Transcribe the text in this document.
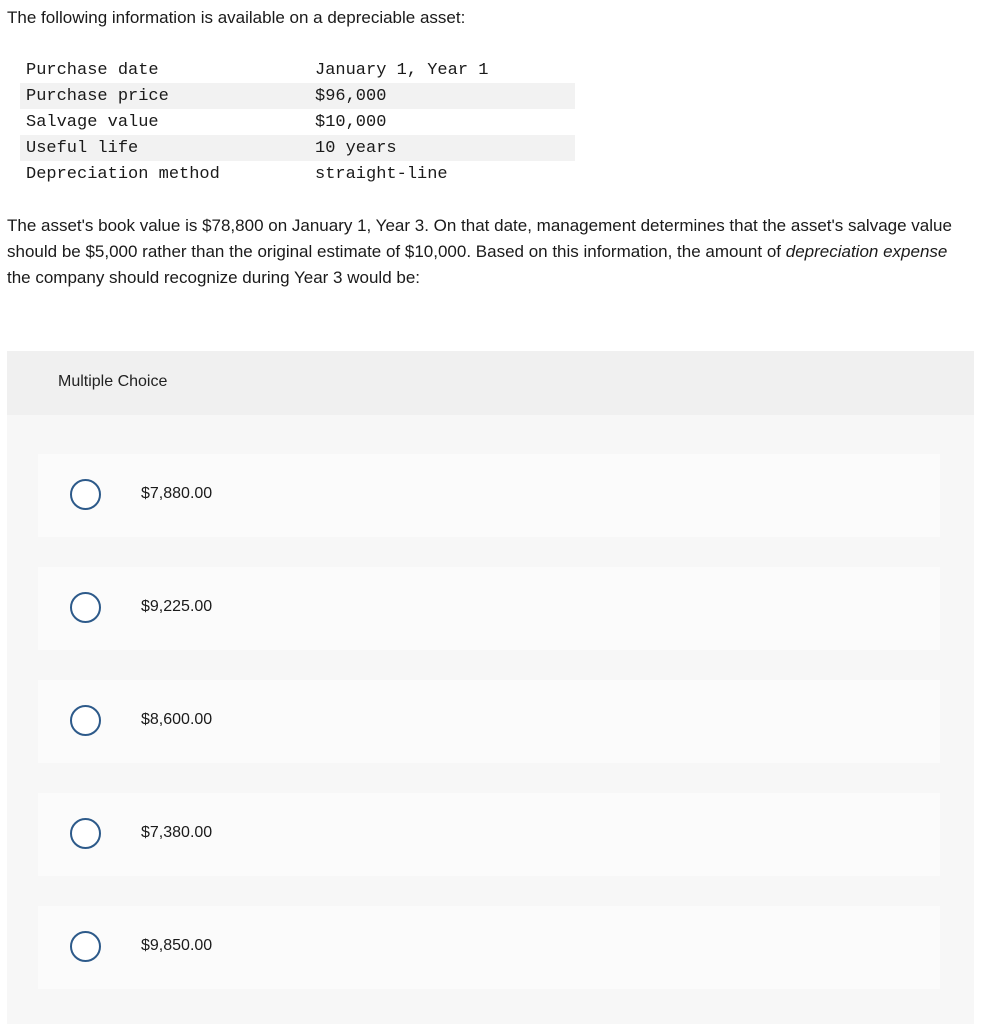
The following information is available on a depreciable asset:

Purchase date	January 1, Year 1
Purchase price	$96,000
Salvage value	$10,000
Useful life	10 years
Depreciation method	straight-line

The asset's book value is $78,800 on January 1, Year 3. On that date, management determines that the asset's salvage value should be $5,000 rather than the original estimate of $10,000. Based on this information, the amount of depreciation expense the company should recognize during Year 3 would be:

Multiple Choice
$7,880.00
$9,225.00
$8,600.00
$7,380.00
$9,850.00
